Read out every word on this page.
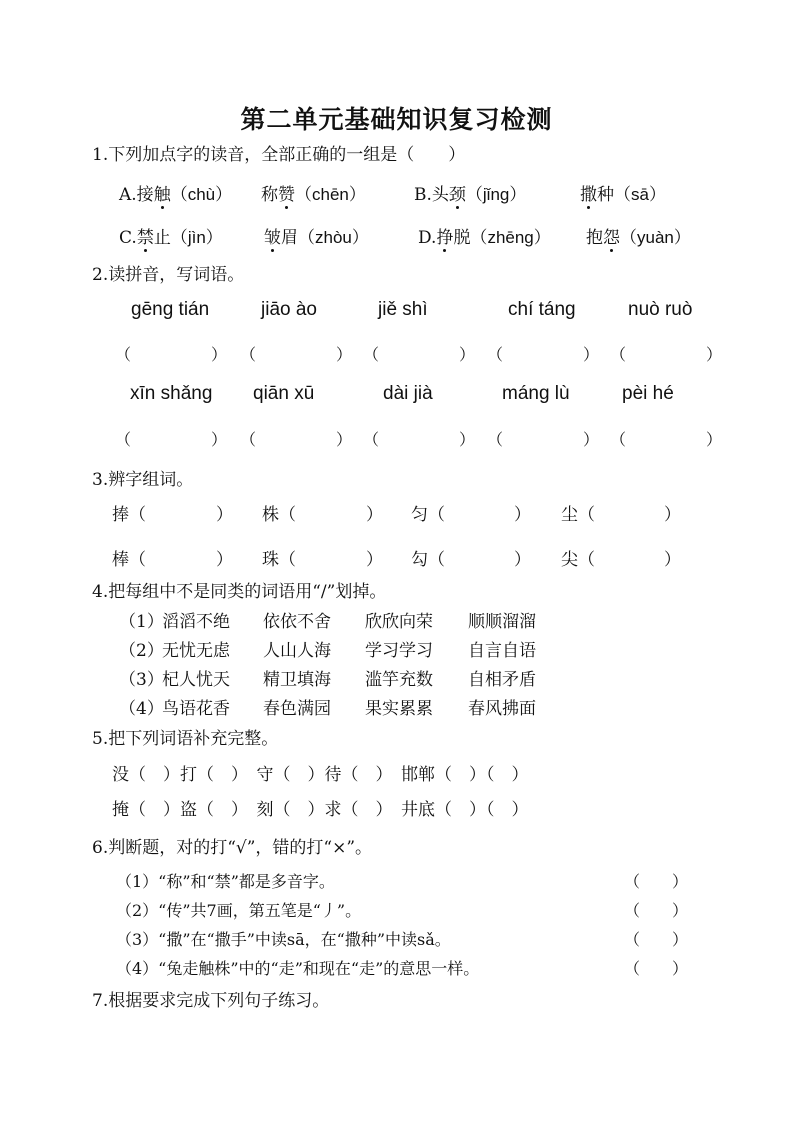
第二单元基础知识复习检测
1.下列加点字的读音，全部正确的一组是（　　）
A.接触（chù） 称赞（chēn）	B.头颈（jǐng）	撒种（sā）
C.禁止（jìn） 皱眉（zhòu）	D.挣脱（zhēng） 抱怨（yuàn）
2.读拼音，写词语。
gēng tián	jiāo ào	jiě shì	chí táng	nuò ruò
（　　　　　） （　　　　　） （　　　　　） （　　　　　） （　　　　　）
xīn shǎng qiān xū	dài jià	máng lù	pèi hé
（　　　　　） （　　　　　） （　　　　　） （　　　　　） （　　　　　）
3.辨字组词。
捧（	） 株（	） 匀（	） 尘（	）
棒（	） 珠（	） 勾（	） 尖（	）
4.把每组中不是同类的词语用“/”划掉。
（1）
滔滔不绝 依依不舍 欣欣向荣 顺顺溜溜
（2）
无忧无虑 人山人海 学习学习 自言自语
（3）
杞人忧天 精卫填海 滥竽充数 自相矛盾
（4）
鸟语花香 春色满园 果实累累 春风拂面
5.把下列词语补充完整。
没（　）打（　）　守（　）待（　）　邯郸（　）（　）
掩（　）盗（　）　刻（　）求（　）　井底（　）（　）
6.判断题，对的打“√”，错的打“×”。
（1）“称”和“禁”都是多音字。	（　　）
（2）“传”共7画，第五笔是“丿”。	（　　）
（3）“撒”在“撒手”中读sā，在“撒种”中读sǎ。	（　　）
（4）“兔走触株”中的“走”和现在“走”的意思一样。	（　　）
7.根据要求完成下列句子练习。
